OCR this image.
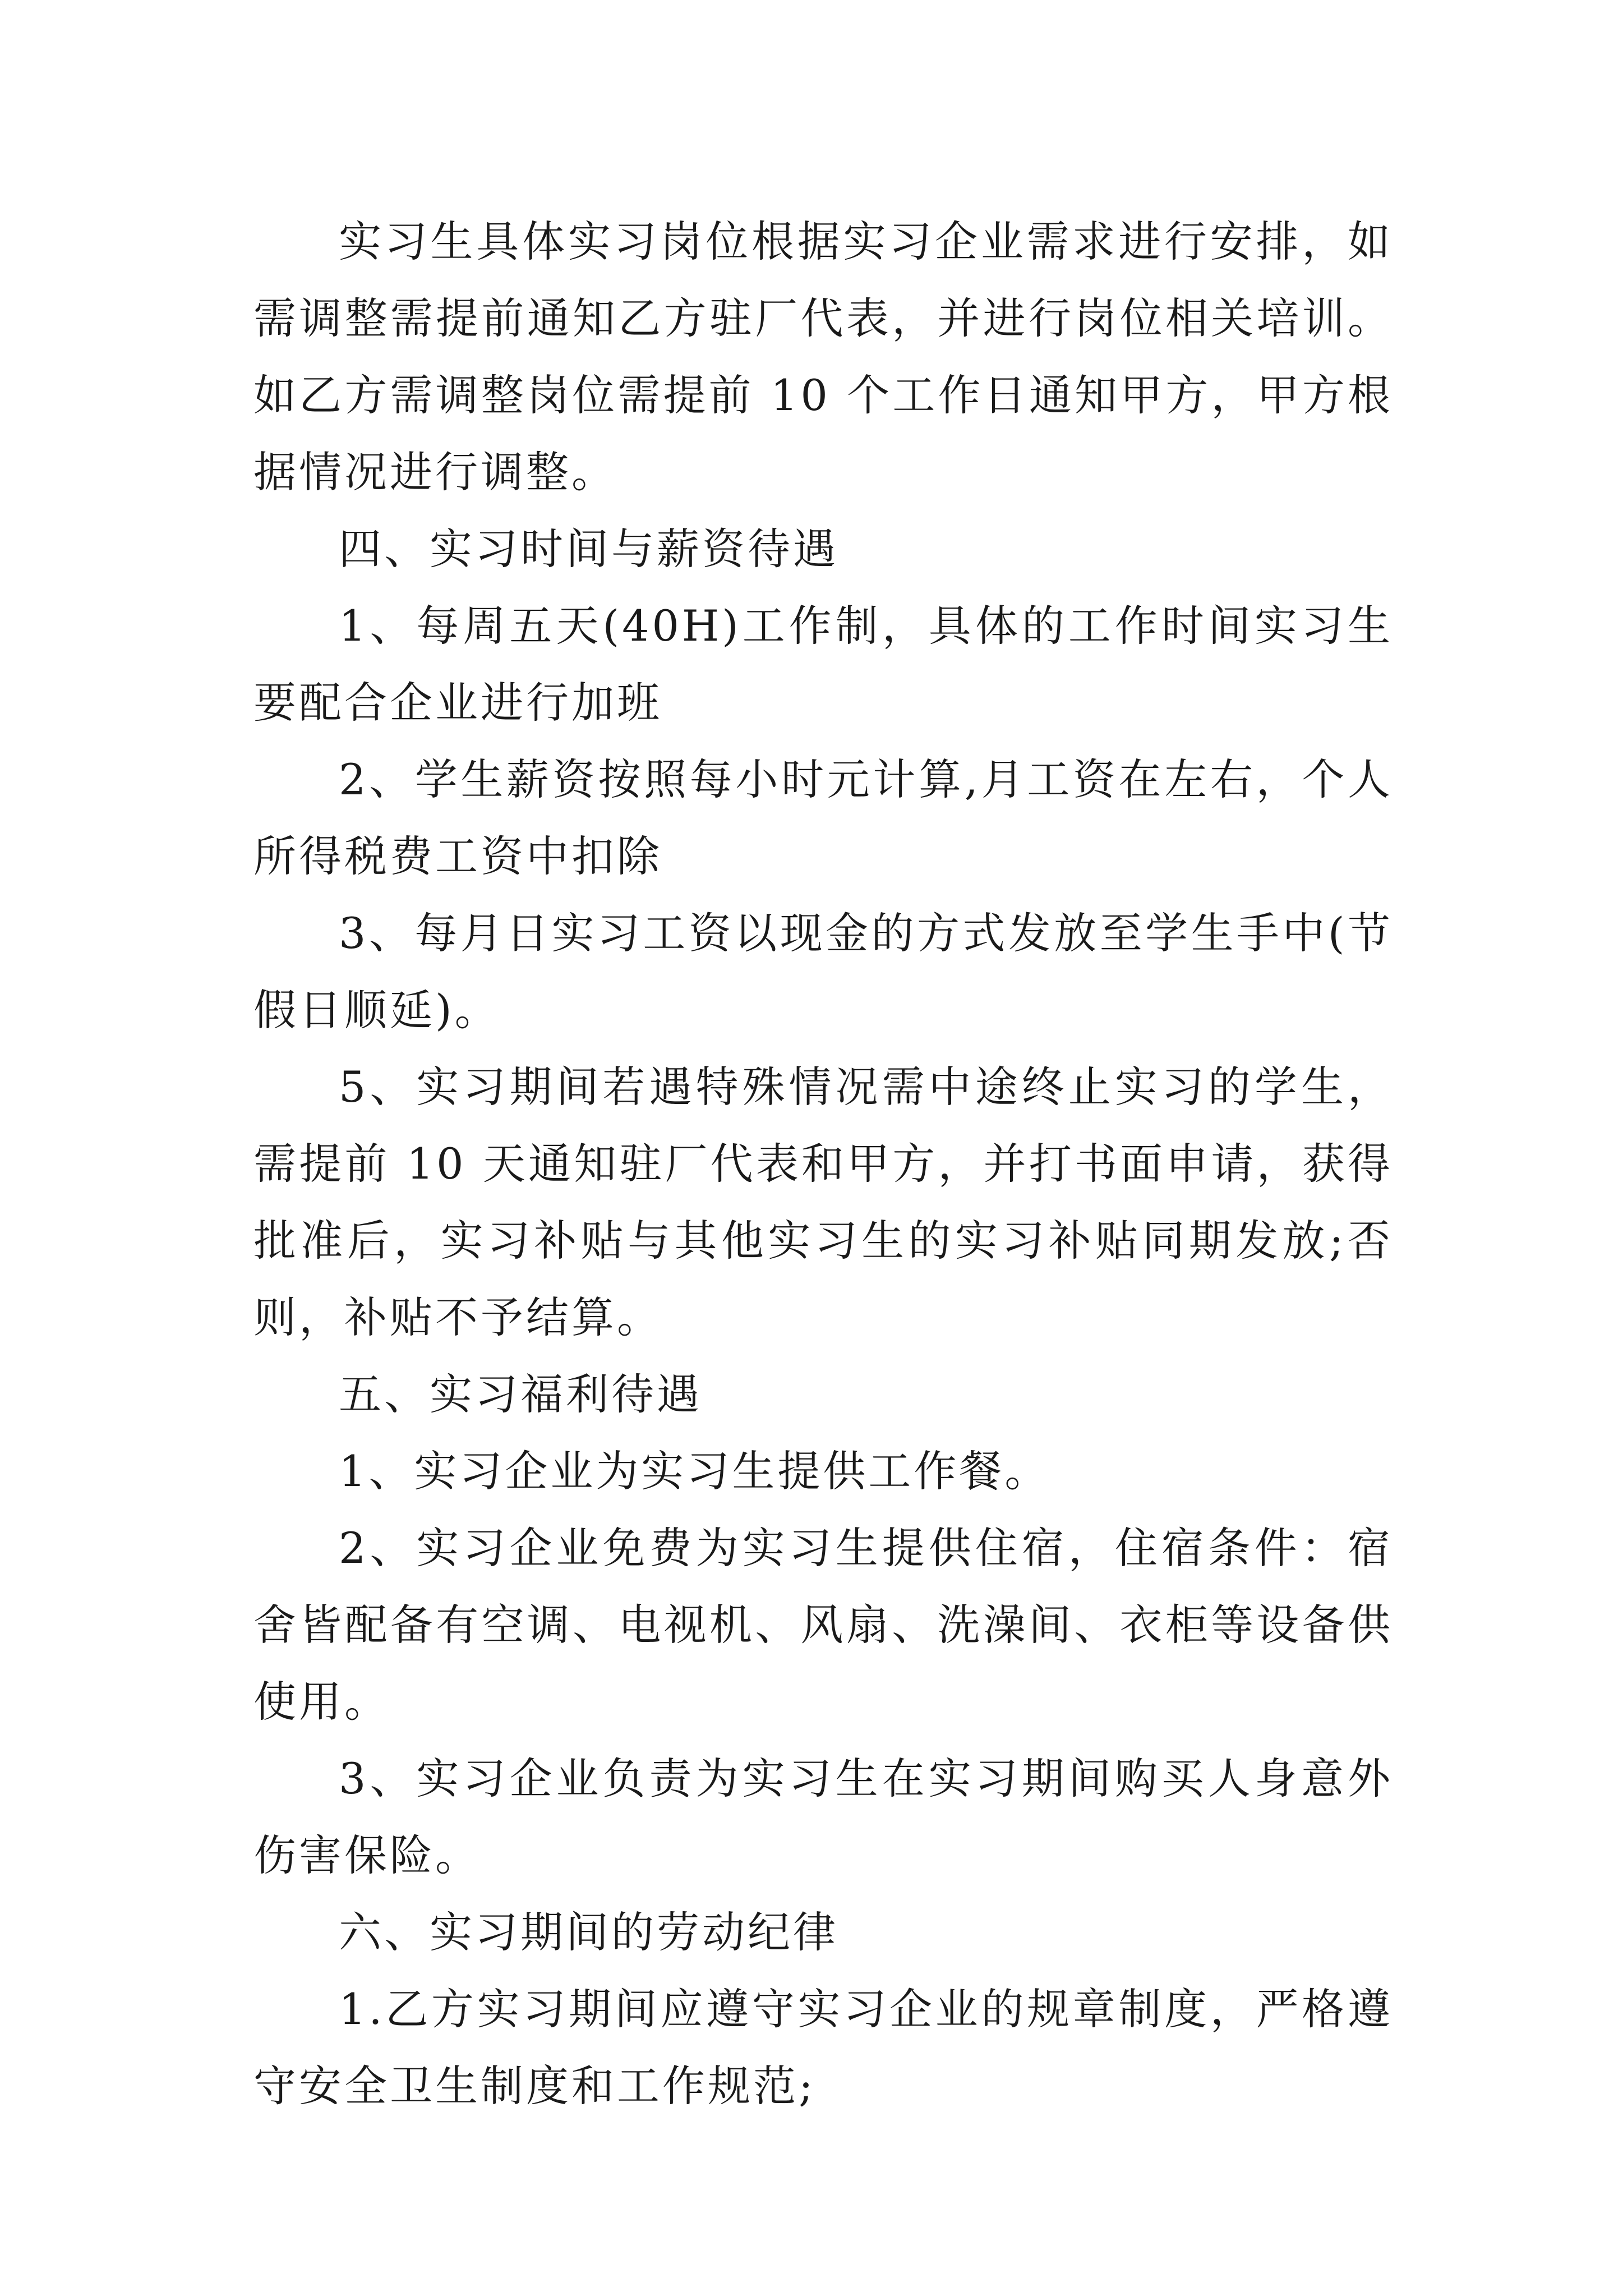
实习生具体实习岗位根据实习企业需求进行安排，如需调整需提前通知乙方驻厂代表，并进行岗位相关培训。如乙方需调整岗位需提前 10 个工作日通知甲方，甲方根据情况进行调整。

四、实习时间与薪资待遇

1、每周五天(40H)工作制，具体的工作时间实习生要配合企业进行加班

2、学生薪资按照每小时元计算,月工资在左右，个人所得税费工资中扣除

3、每月日实习工资以现金的方式发放至学生手中(节假日顺延)。

5、实习期间若遇特殊情况需中途终止实习的学生，需提前 10 天通知驻厂代表和甲方，并打书面申请，获得批准后，实习补贴与其他实习生的实习补贴同期发放;否则，补贴不予结算。

五、实习福利待遇

1、实习企业为实习生提供工作餐。

2、实习企业免费为实习生提供住宿，住宿条件：宿舍皆配备有空调、电视机、风扇、洗澡间、衣柜等设备供使用。

3、实习企业负责为实习生在实习期间购买人身意外伤害保险。

六、实习期间的劳动纪律

1.乙方实习期间应遵守实习企业的规章制度，严格遵守安全卫生制度和工作规范;
